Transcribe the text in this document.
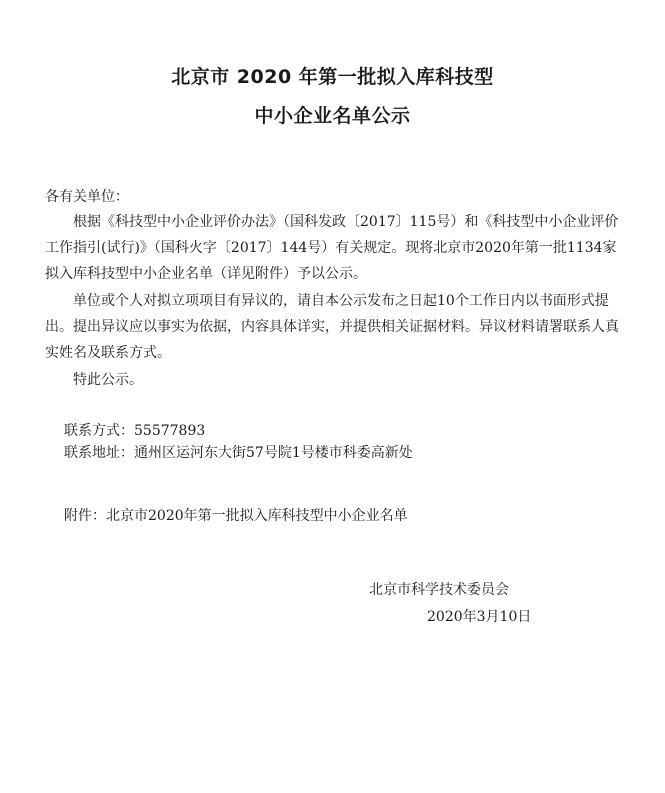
北京市 2020 年第一批拟入库科技型
中小企业名单公示
各有关单位：

根据《科技型中小企业评价办法》（国科发政〔2017〕115号）和《科技型中小企业评价工作指引(试行)》（国科火字〔2017〕144号）有关规定。现将北京市2020年第一批1134家拟入库科技型中小企业名单（详见附件）予以公示。

单位或个人对拟立项项目有异议的，请自本公示发布之日起10个工作日内以书面形式提出。提出异议应以事实为依据，内容具体详实，并提供相关证据材料。异议材料请署联系人真实姓名及联系方式。

特此公示。

联系方式：55577893
联系地址：通州区运河东大街57号院1号楼市科委高新处
附件：北京市2020年第一批拟入库科技型中小企业名单
北京市科学技术委员会
2020年3月10日
